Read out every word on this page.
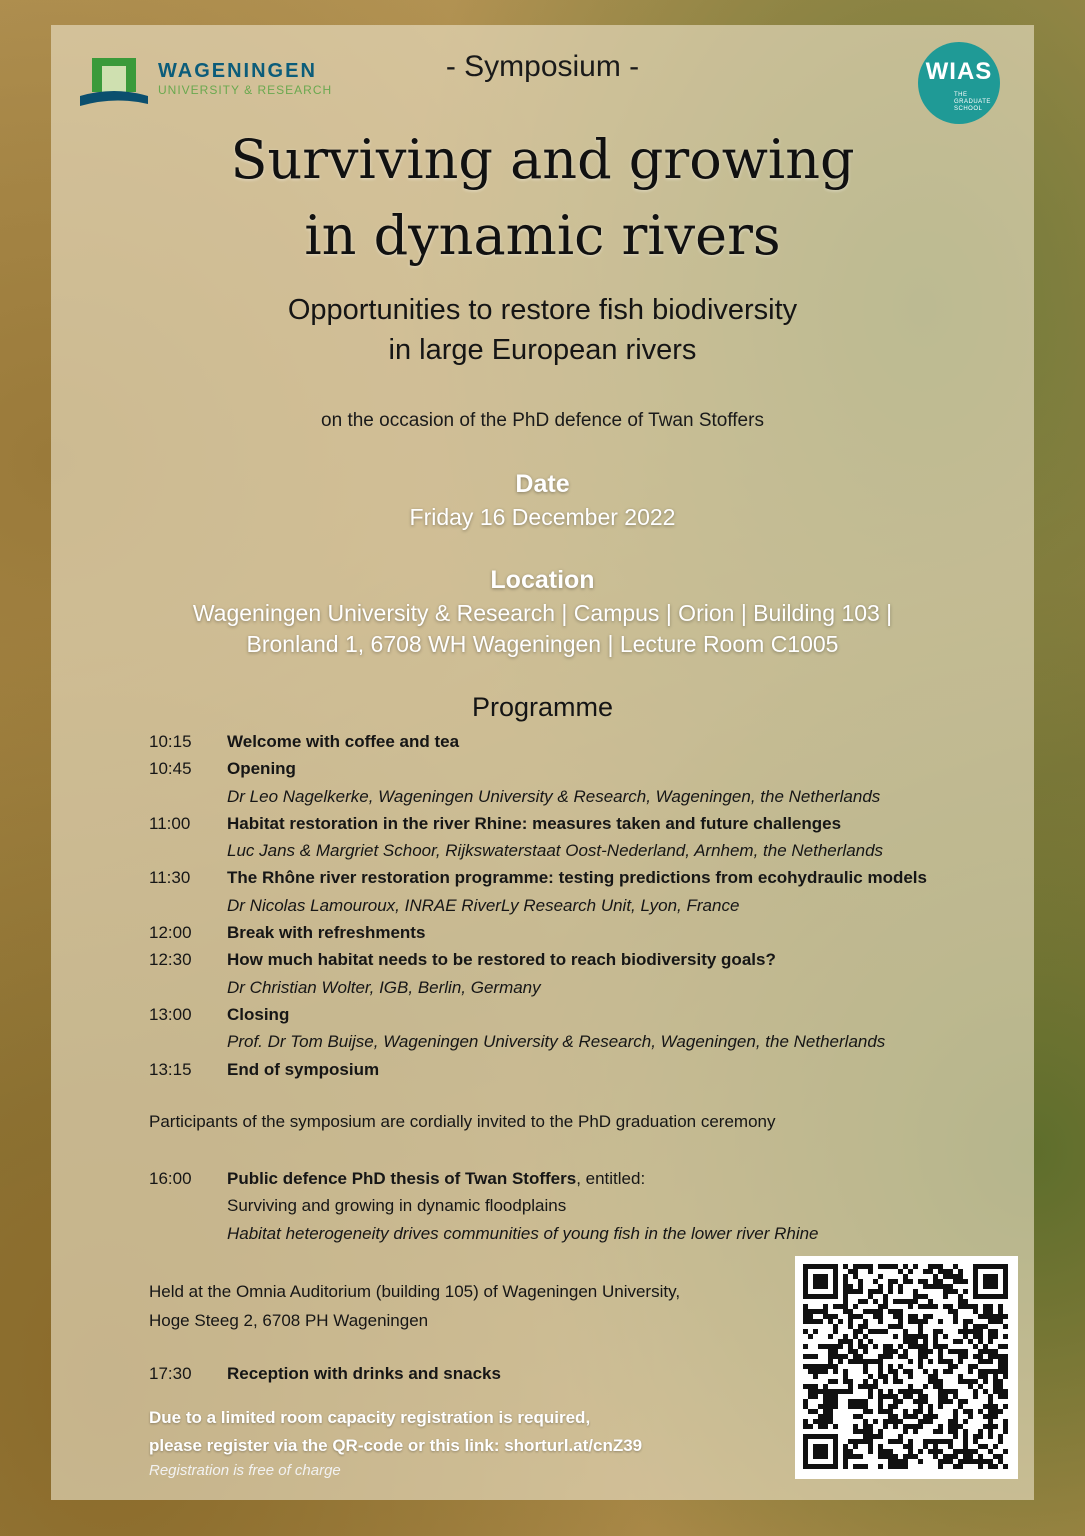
WAGENINGEN
UNIVERSITY & RESEARCH
WIAS
THE GRADUATE SCHOOL
- Symposium -
Surviving and growing
in dynamic rivers
Opportunities to restore fish biodiversity
in large European rivers
on the occasion of the PhD defence of Twan Stoffers
Date
Friday 16 December 2022
Location
Wageningen University & Research | Campus | Orion | Building 103 |
Bronland 1, 6708 WH Wageningen | Lecture Room C1005
Programme
10:15	Welcome with coffee and tea
10:45	Opening
Dr Leo Nagelkerke, Wageningen University & Research, Wageningen, the Netherlands
11:00	Habitat restoration in the river Rhine: measures taken and future challenges
Luc Jans & Margriet Schoor, Rijkswaterstaat Oost-Nederland, Arnhem, the Netherlands
11:30	The Rhône river restoration programme: testing predictions from ecohydraulic models
Dr Nicolas Lamouroux, INRAE RiverLy Research Unit, Lyon, France
12:00	Break with refreshments
12:30	How much habitat needs to be restored to reach biodiversity goals?
Dr Christian Wolter, IGB, Berlin, Germany
13:00	Closing
Prof. Dr Tom Buijse, Wageningen University & Research, Wageningen, the Netherlands
13:15	End of symposium
Participants of the symposium are cordially invited to the PhD graduation ceremony
16:00	Public defence PhD thesis of Twan Stoffers, entitled:
Surviving and growing in dynamic floodplains
Habitat heterogeneity drives communities of young fish in the lower river Rhine
Held at the Omnia Auditorium (building 105) of Wageningen University,
Hoge Steeg 2, 6708 PH Wageningen
17:30	Reception with drinks and snacks
Due to a limited room capacity registration is required,
please register via the QR-code or this link: shorturl.at/cnZ39
Registration is free of charge
